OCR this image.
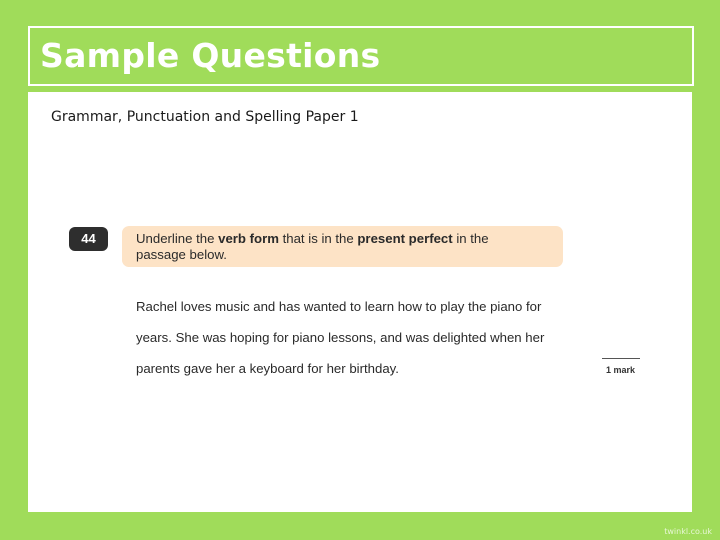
Sample Questions
Grammar, Punctuation and Spelling Paper 1
44	Underline the verb form that is in the present perfect in the
passage below.
Rachel loves music and has wanted to learn how to play the piano for
years. She was hoping for piano lessons, and was delighted when her
parents gave her a keyboard for her birthday.	1 mark
twinkl.co.uk
